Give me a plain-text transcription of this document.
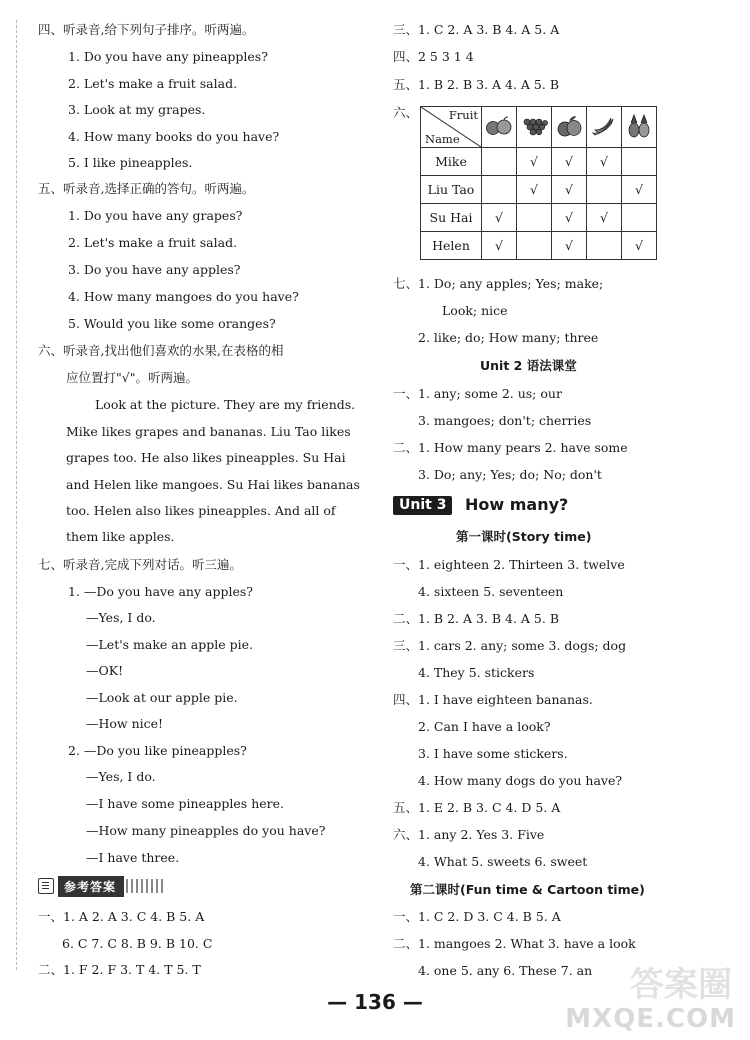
四、听录音,给下列句子排序。听两遍。
1. Do you have any pineapples?
2. Let's make a fruit salad.
3. Look at my grapes.
4. How many books do you have?
5. I like pineapples.
五、听录音,选择正确的答句。听两遍。
1. Do you have any grapes?
2. Let's make a fruit salad.
3. Do you have any apples?
4. How many mangoes do you have?
5. Would you like some oranges?
六、听录音,找出他们喜欢的水果,在表格的相
应位置打"√"。听两遍。
Look at the picture. They are my friends.
Mike likes grapes and bananas. Liu Tao likes
grapes too. He also likes pineapples. Su Hai
and Helen like mangoes. Su Hai likes bananas
too. Helen also likes pineapples. And all of
them like apples.
七、听录音,完成下列对话。听三遍。
1. —Do you have any apples?
—Yes, I do.
—Let's make an apple pie.
—OK!
—Look at our apple pie.
—How nice!
2. —Do you like pineapples?
—Yes, I do.
—I have some pineapples here.
—How many pineapples do you have?
—I have three.
参考答案
一、1. A 2. A 3. C 4. B 5. A
6. C 7. C 8. B 9. B 10. C
二、1. F 2. F 3. T 4. T 5. T
三、1. C 2. A 3. B 4. A 5. A
四、2 5 3 1 4
五、1. B 2. B 3. A 4. A 5. B
六、	Fruit
Name

Mike		√	√	√	
Liu Tao		√	√		√
Su Hai	√		√	√	
Helen	√		√		√
七、1. Do; any apples; Yes; make;
Look; nice
2. like; do; How many; three
Unit 2 语法课堂
一、1. any; some 2. us; our
3. mangoes; don't; cherries
二、1. How many pears 2. have some
3. Do; any; Yes; do; No; don't
Unit 3	How many?
第一课时(Story time)
一、1. eighteen 2. Thirteen 3. twelve
4. sixteen 5. seventeen
二、1. B 2. A 3. B 4. A 5. B
三、1. cars 2. any; some 3. dogs; dog
4. They 5. stickers
四、1. I have eighteen bananas.
2. Can I have a look?
3. I have some stickers.
4. How many dogs do you have?
五、1. E 2. B 3. C 4. D 5. A
六、1. any 2. Yes 3. Five
4. What 5. sweets 6. sweet
第二课时(Fun time & Cartoon time)
一、1. C 2. D 3. C 4. B 5. A
二、1. mangoes 2. What 3. have a look
4. one 5. any 6. These 7. an
— 136 —	答案圈
MXQE.COM
